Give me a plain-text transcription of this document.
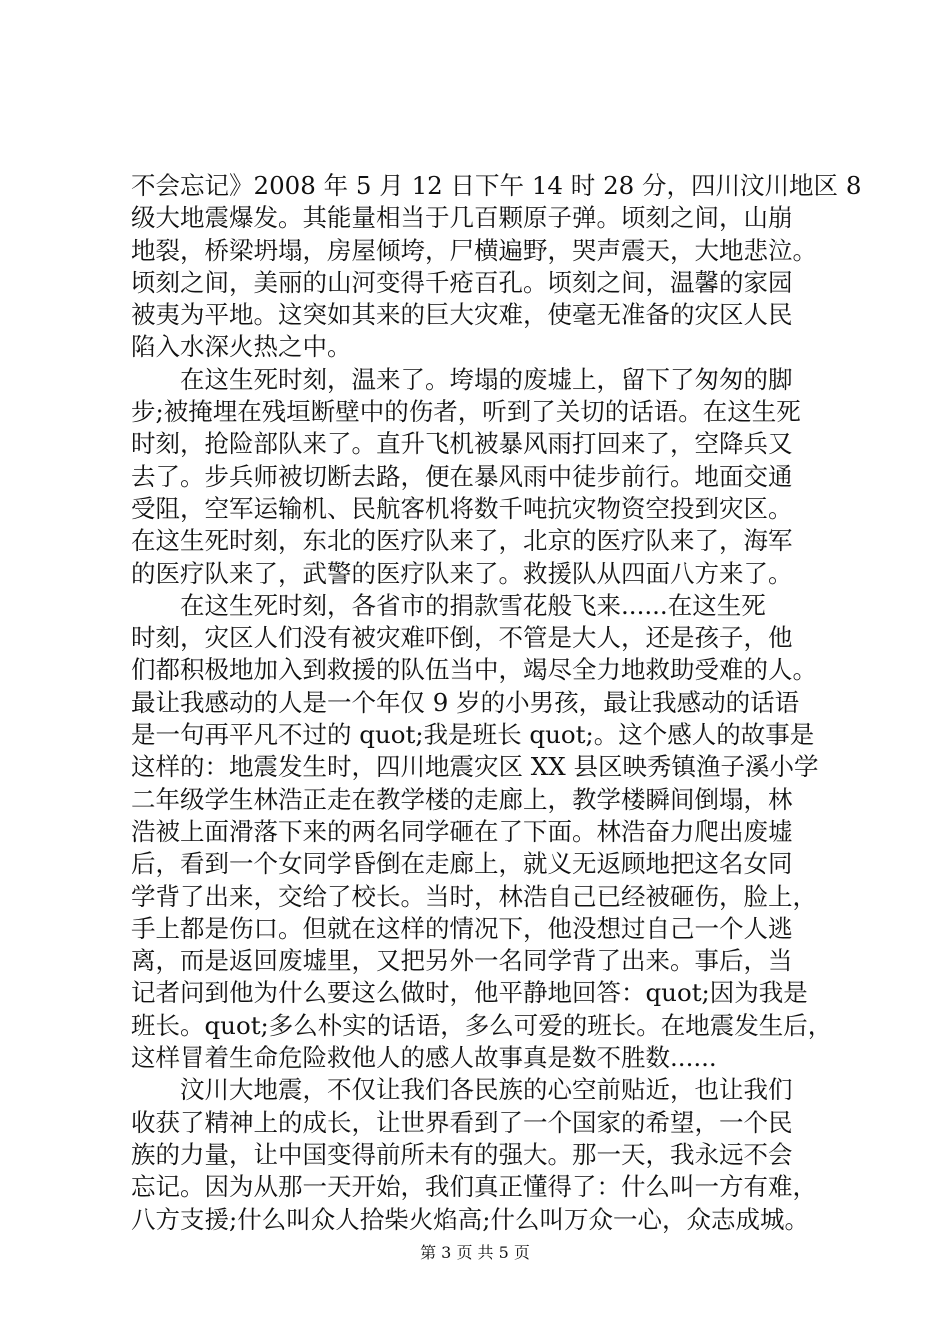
不会忘记》2008 年 5 月 12 日下午 14 时 28 分，四川汶川地区 8
级大地震爆发。其能量相当于几百颗原子弹。顷刻之间，山崩
地裂，桥梁坍塌，房屋倾垮，尸横遍野，哭声震天，大地悲泣。
顷刻之间，美丽的山河变得千疮百孔。顷刻之间，温馨的家园
被夷为平地。这突如其来的巨大灾难，使毫无准备的灾区人民
陷入水深火热之中。
　　在这生死时刻，温来了。垮塌的废墟上，留下了匆匆的脚
步;被掩埋在残垣断壁中的伤者，听到了关切的话语。在这生死
时刻，抢险部队来了。直升飞机被暴风雨打回来了，空降兵又
去了。步兵师被切断去路，便在暴风雨中徒步前行。地面交通
受阻，空军运输机、民航客机将数千吨抗灾物资空投到灾区。
在这生死时刻，东北的医疗队来了，北京的医疗队来了，海军
的医疗队来了，武警的医疗队来了。救援队从四面八方来了。
　　在这生死时刻，各省市的捐款雪花般飞来......在这生死
时刻，灾区人们没有被灾难吓倒，不管是大人，还是孩子，他
们都积极地加入到救援的队伍当中，竭尽全力地救助受难的人。
最让我感动的人是一个年仅 9 岁的小男孩，最让我感动的话语
是一句再平凡不过的 quot;我是班长 quot;。这个感人的故事是
这样的：地震发生时，四川地震灾区 XX 县区映秀镇渔子溪小学
二年级学生林浩正走在教学楼的走廊上，教学楼瞬间倒塌，林
浩被上面滑落下来的两名同学砸在了下面。林浩奋力爬出废墟
后，看到一个女同学昏倒在走廊上，就义无返顾地把这名女同
学背了出来，交给了校长。当时，林浩自己已经被砸伤，脸上，
手上都是伤口。但就在这样的情况下，他没想过自己一个人逃
离，而是返回废墟里，又把另外一名同学背了出来。事后，当
记者问到他为什么要这么做时，他平静地回答：quot;因为我是
班长。quot;多么朴实的话语，多么可爱的班长。在地震发生后，
这样冒着生命危险救他人的感人故事真是数不胜数......
　　汶川大地震，不仅让我们各民族的心空前贴近，也让我们
收获了精神上的成长，让世界看到了一个国家的希望，一个民
族的力量，让中国变得前所未有的强大。那一天，我永远不会
忘记。因为从那一天开始，我们真正懂得了：什么叫一方有难，
八方支援;什么叫众人拾柴火焰高;什么叫万众一心，众志成城。
第 3 页 共 5 页
